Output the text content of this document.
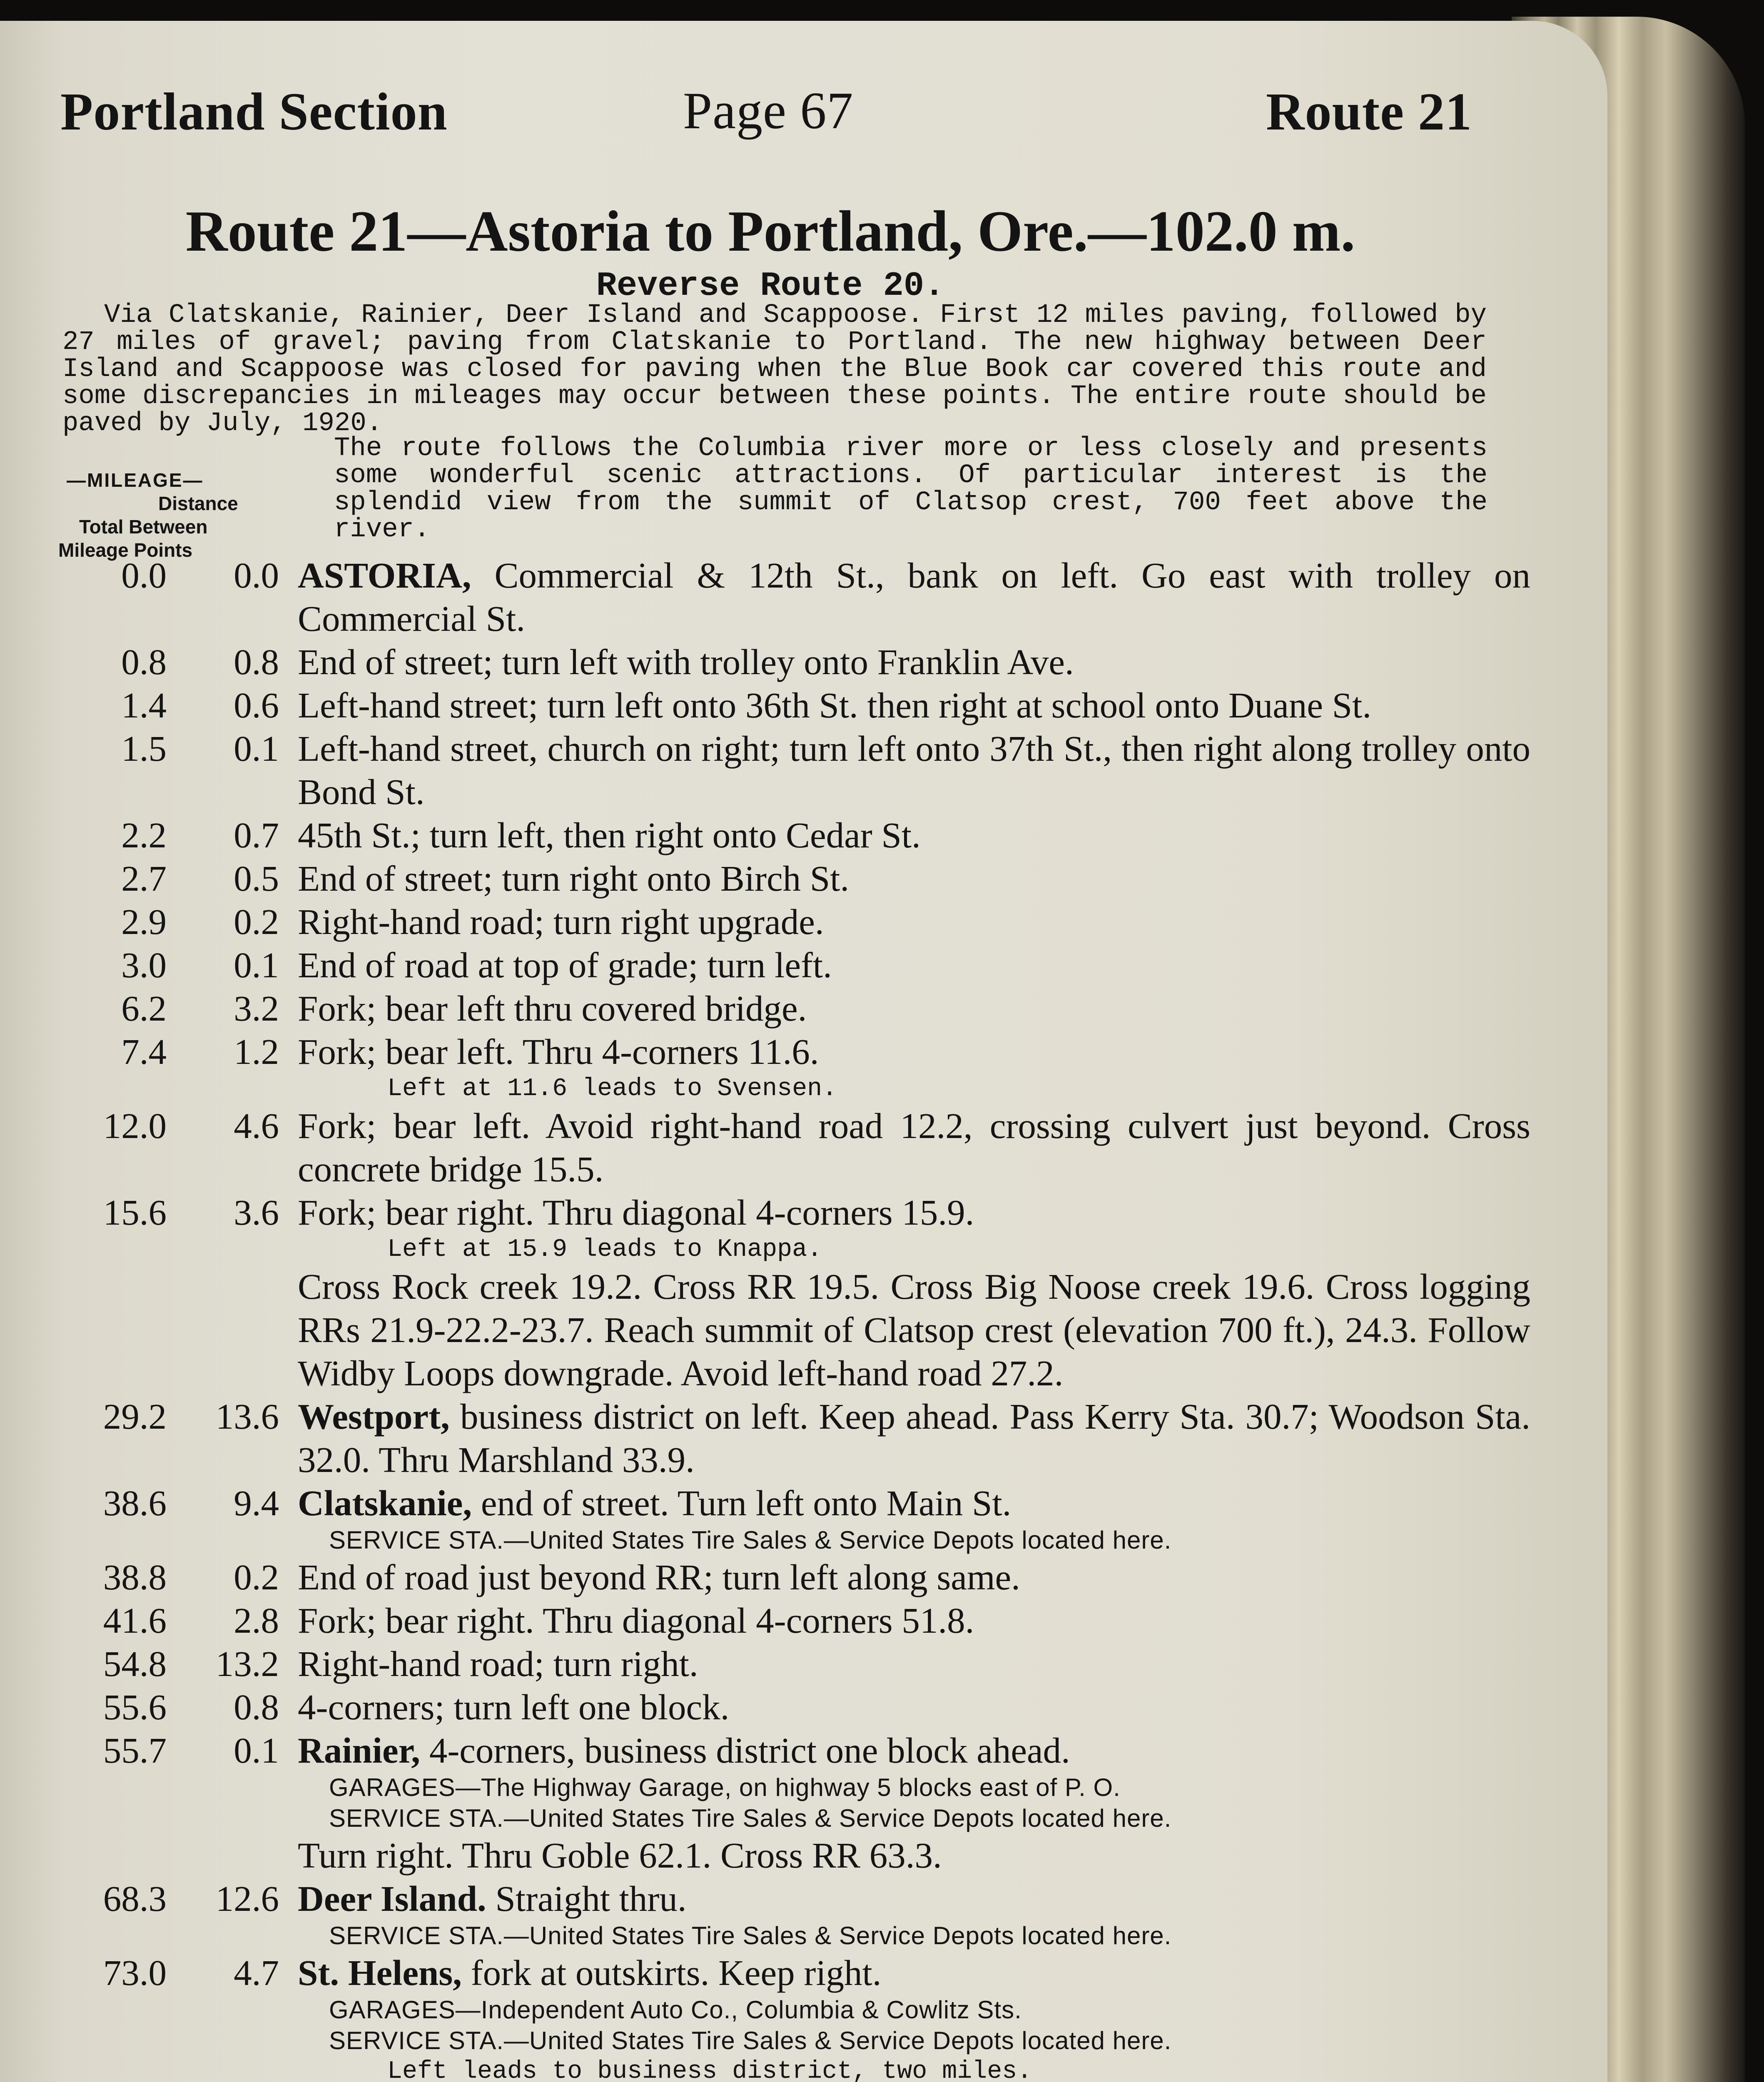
Portland Section	Page 67	Route 21
Route 21—Astoria to Portland, Ore.—102.0 m.
Reverse Route 20.
Via Clatskanie, Rainier, Deer Island and Scappoose. First 12 miles paving, followed by 27 miles of gravel; paving from Clatskanie to Portland. The new highway between Deer Island and Scappoose was closed for paving when the Blue Book car covered this route and some discrepancies in mileages may occur between these points. The entire route should be paved by July, 1920.
The route follows the Columbia river more or less closely and presents some wonderful scenic attractions. Of particular interest is the splendid view from the summit of Clatsop crest, 700 feet above the river.
—MILEAGE—
Distance
Total Between
Mileage Points
0.0	0.0 ASTORIA, Commercial & 12th St., bank on left. Go east with trolley on Commercial St.
0.8	0.8 End of street; turn left with trolley onto Franklin Ave.
1.4	0.6 Left-hand street; turn left onto 36th St. then right at school onto Duane St.
1.5	0.1 Left-hand street, church on right; turn left onto 37th St., then right along trolley onto Bond St.
2.2	0.7 45th St.; turn left, then right onto Cedar St.
2.7	0.5 End of street; turn right onto Birch St.
2.9	0.2 Right-hand road; turn right upgrade.
3.0	0.1 End of road at top of grade; turn left.
6.2	3.2 Fork; bear left thru covered bridge.
7.4	1.2 Fork; bear left. Thru 4-corners 11.6.
Left at 11.6 leads to Svensen.
12.0	4.6 Fork; bear left. Avoid right-hand road 12.2, crossing culvert just beyond. Cross concrete bridge 15.5.
15.6	3.6 Fork; bear right. Thru diagonal 4-corners 15.9.
Left at 15.9 leads to Knappa.
Cross Rock creek 19.2. Cross RR 19.5. Cross Big Noose creek 19.6. Cross logging RRs 21.9-22.2-23.7. Reach summit of Clatsop crest (elevation 700 ft.), 24.3. Follow Widby Loops downgrade. Avoid left-hand road 27.2.
29.2	13.6 Westport, business district on left. Keep ahead. Pass Kerry Sta. 30.7; Woodson Sta. 32.0. Thru Marshland 33.9.
38.6	9.4 Clatskanie, end of street. Turn left onto Main St.
SERVICE STA.—United States Tire Sales & Service Depots located here.
38.8	0.2 End of road just beyond RR; turn left along same.
41.6	2.8 Fork; bear right. Thru diagonal 4-corners 51.8.
54.8	13.2 Right-hand road; turn right.
55.6	0.8 4-corners; turn left one block.
55.7	0.1 Rainier, 4-corners, business district one block ahead.
GARAGES—The Highway Garage, on highway 5 blocks east of P. O.
SERVICE STA.—United States Tire Sales & Service Depots located here.
Turn right. Thru Goble 62.1. Cross RR 63.3.
68.3	12.6 Deer Island. Straight thru.
SERVICE STA.—United States Tire Sales & Service Depots located here.
73.0	4.7 St. Helens, fork at outskirts. Keep right.
GARAGES—Independent Auto Co., Columbia & Cowlitz Sts.
SERVICE STA.—United States Tire Sales & Service Depots located here.
Left leads to business district, two miles.
